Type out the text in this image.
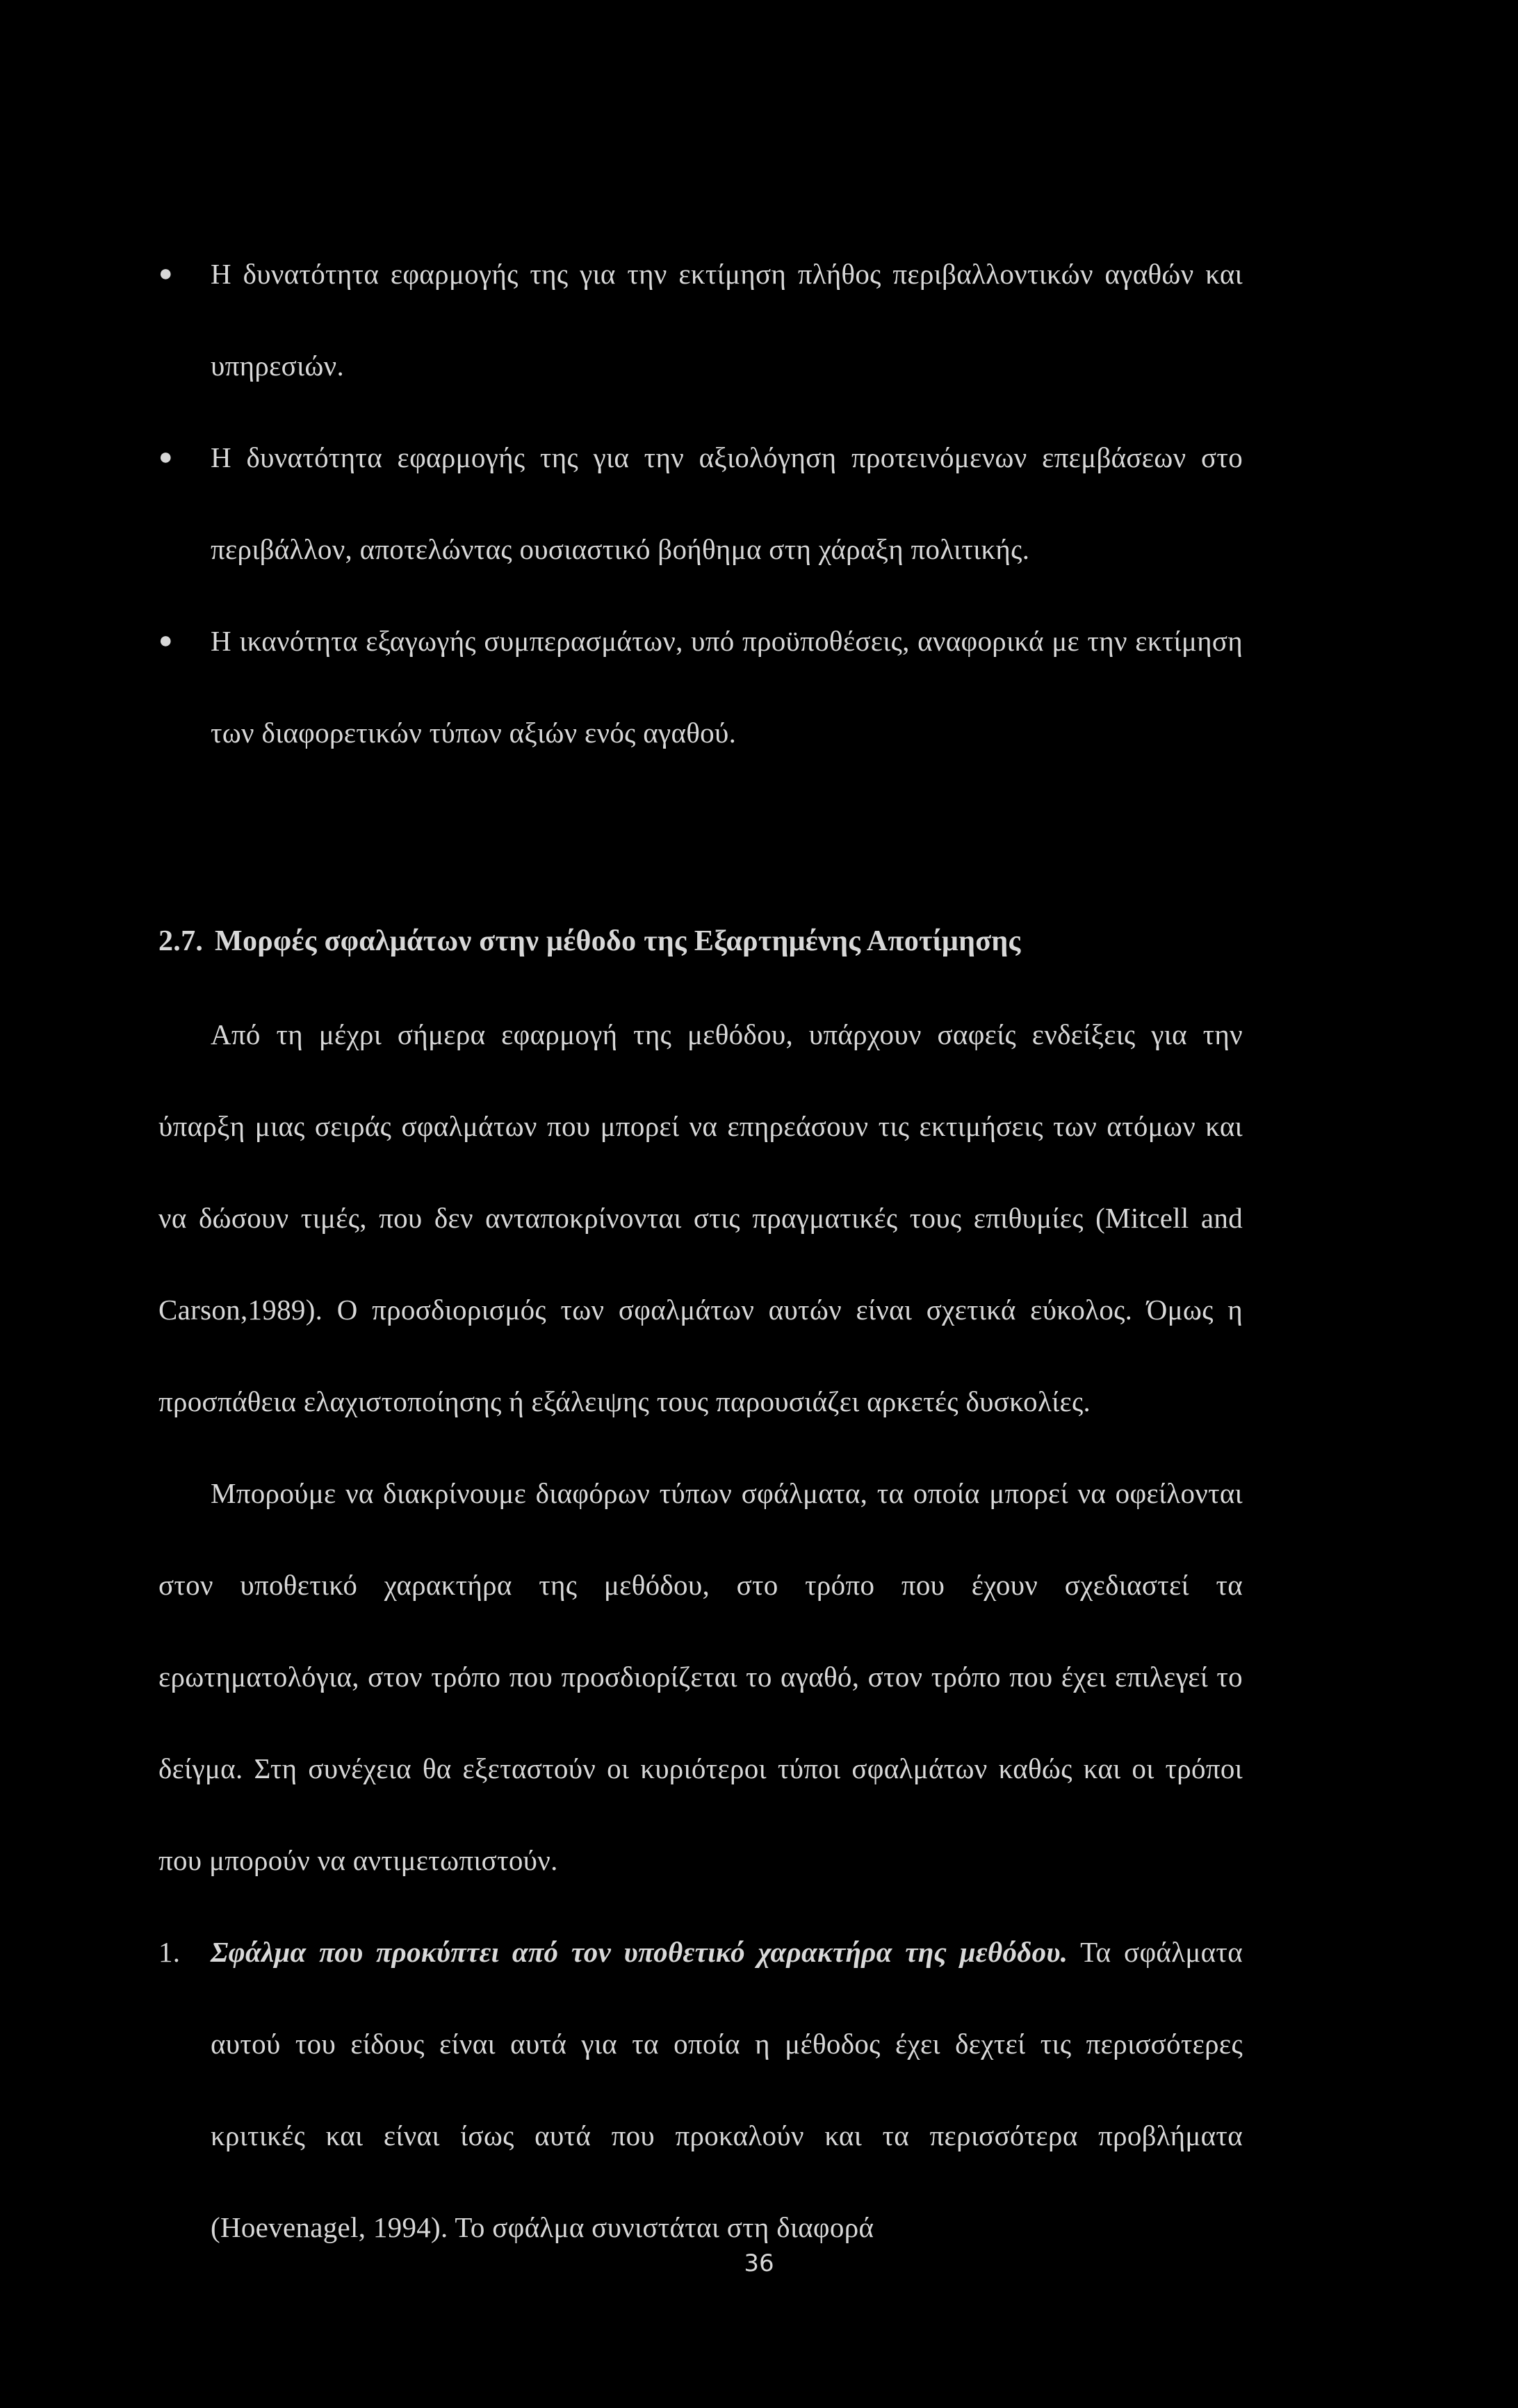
● Η δυνατότητα εφαρμογής της για την εκτίμηση πλήθος περιβαλλοντικών αγαθών και υπηρεσιών.
● Η δυνατότητα εφαρμογής της για την αξιολόγηση προτεινόμενων επεμβάσεων στο περιβάλλον, αποτελώντας ουσιαστικό βοήθημα στη χάραξη πολιτικής.
● Η ικανότητα εξαγωγής συμπερασμάτων, υπό προϋποθέσεις, αναφορικά με την εκτίμηση των διαφορετικών τύπων αξιών ενός αγαθού.
2.7. Μορφές σφαλμάτων στην μέθοδο της Εξαρτημένης Αποτίμησης

Από τη μέχρι σήμερα εφαρμογή της μεθόδου, υπάρχουν σαφείς ενδείξεις για την ύπαρξη μιας σειράς σφαλμάτων που μπορεί να επηρεάσουν τις εκτιμήσεις των ατόμων και να δώσουν τιμές, που δεν ανταποκρίνονται στις πραγματικές τους επιθυμίες (Mitcell and Carson,1989). Ο προσδιορισμός των σφαλμάτων αυτών είναι σχετικά εύκολος. Όμως η προσπάθεια ελαχιστοποίησης ή εξάλειψης τους παρουσιάζει αρκετές δυσκολίες.

Μπορούμε να διακρίνουμε διαφόρων τύπων σφάλματα, τα οποία μπορεί να οφείλονται στον υποθετικό χαρακτήρα της μεθόδου, στο τρόπο που έχουν σχεδιαστεί τα ερωτηματολόγια, στον τρόπο που προσδιορίζεται το αγαθό, στον τρόπο που έχει επιλεγεί το δείγμα. Στη συνέχεια θα εξεταστούν οι κυριότεροι τύποι σφαλμάτων καθώς και οι τρόποι που μπορούν να αντιμετωπιστούν.

1. Σφάλμα που προκύπτει από τον υποθετικό χαρακτήρα της μεθόδου. Τα σφάλματα αυτού του είδους είναι αυτά για τα οποία η μέθοδος έχει δεχτεί τις περισσότερες κριτικές και είναι ίσως αυτά που προκαλούν και τα περισσότερα προβλήματα (Hoevenagel, 1994). Το σφάλμα συνιστάται στη διαφορά
36
